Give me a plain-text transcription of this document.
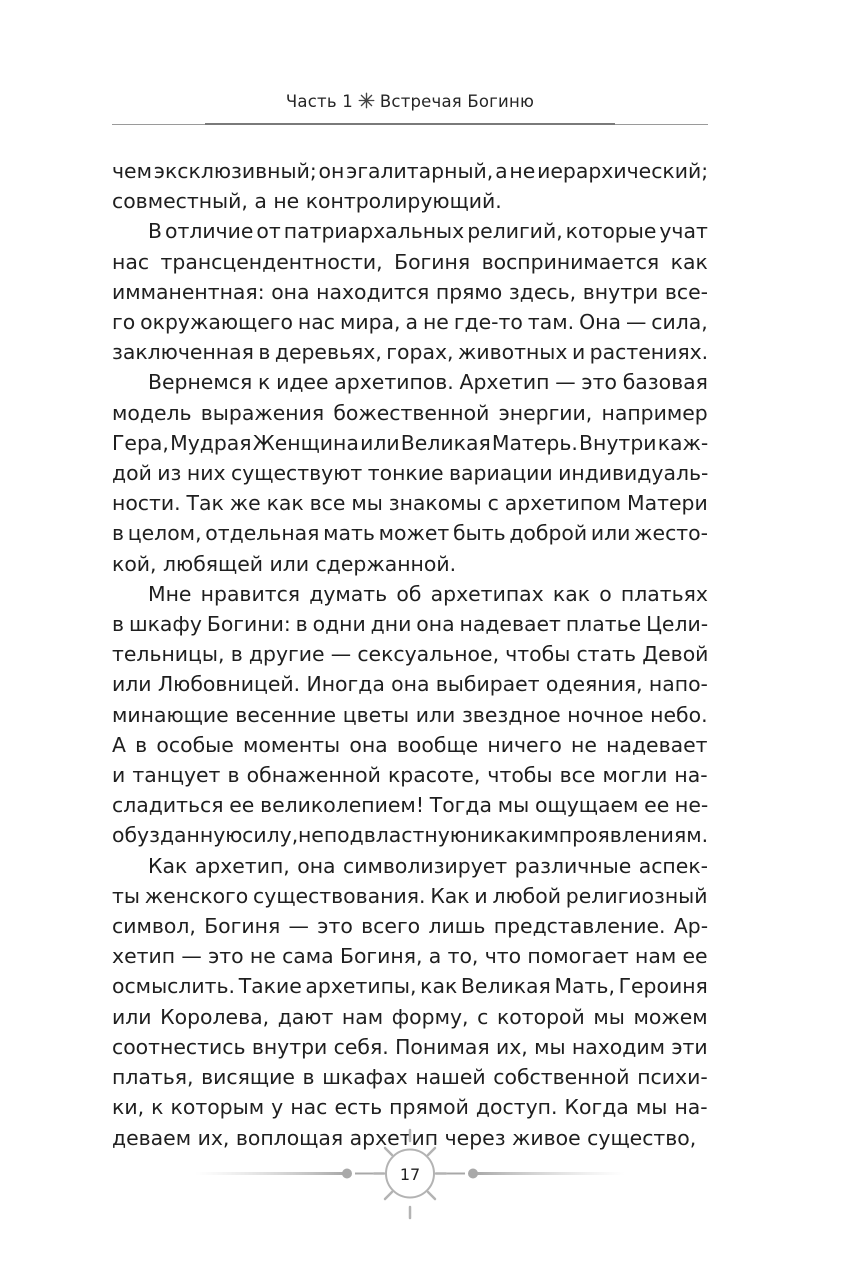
Часть 1 Встречая Богиню

чем эксклюзивный; он эгалитарный, а не иерархический;
совместный, а не контролирующий.

В отличие от патриархальных религий, которые учат
нас трансцендентности, Богиня воспринимается как
имманентная: она находится прямо здесь, внутри все-
го окружающего нас мира, а не где-то там. Она — сила,
заключенная в деревьях, горах, животных и растениях.

Вернемся к идее архетипов. Архетип — это базовая
модель выражения божественной энергии, например
Гера, Мудрая Женщина или Великая Матерь. Внутри каж-
дой из них существуют тонкие вариации индивидуаль-
ности. Так же как все мы знакомы с архетипом Матери
в целом, отдельная мать может быть доброй или жесто-
кой, любящей или сдержанной.

Мне нравится думать об архетипах как о платьях
в шкафу Богини: в одни дни она надевает платье Цели-
тельницы, в другие — сексуальное, чтобы стать Девой
или Любовницей. Иногда она выбирает одеяния, напо-
минающие весенние цветы или звездное ночное небо.
А в особые моменты она вообще ничего не надевает
и танцует в обнаженной красоте, чтобы все могли на-
сладиться ее великолепием! Тогда мы ощущаем ее не-
обузданную силу, неподвластную никаким проявлениям.

Как архетип, она символизирует различные аспек-
ты женского существования. Как и любой религиозный
символ, Богиня — это всего лишь представление. Ар-
хетип — это не сама Богиня, а то, что помогает нам ее
осмыслить. Такие архетипы, как Великая Мать, Героиня
или Королева, дают нам форму, с которой мы можем
соотнестись внутри себя. Понимая их, мы находим эти
платья, висящие в шкафах нашей собственной психи-
ки, к которым у нас есть прямой доступ. Когда мы на-
деваем их, воплощая архетип через живое существо,

17
